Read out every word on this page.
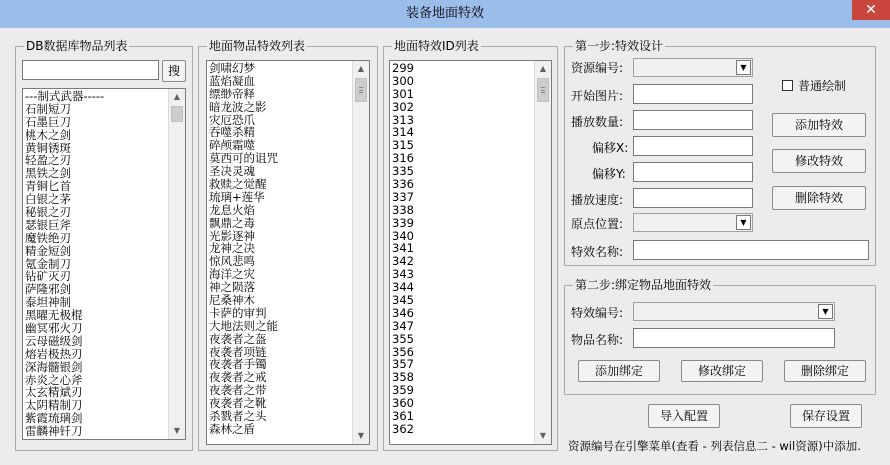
装备地面特效	✕
DB数据库物品列表
搜
---制式武器-----
石制短刀
石墨巨刀
桃木之剑
黄铜锈斑
轻盈之刃
黑铁之剑
青铜匕首
白银之茅
秘银之刃
瑟银巨斧
魔铁绝刃
精金短剑
氪金制刀
钻矿灭刃
萨隆邪剑
泰坦神制
黑曜无极棍
幽冥邪火刀
云母磁级剑
熔岩极热刃
深海髓银剑
赤炎之心斧
太玄精斌刃
太阴精制刀
紫霞琉璃剑
雷麟神钎刀
▲
▼
地面物品特效列表
剑啸幻梦
蓝焰凝血
缥缈帝释
暗龙波之影
灾厄恐爪
吞噬杀精
碎颅霜噬
莫西可的诅咒
圣决灵魂
救赎之觉醒
琉璃+莲华
龙息火焰
飘鼎之毒
光影逐神
龙神之决
惊风悲鸣
海洋之灾
神之陨落
尼桑神木
卡萨的审判
大地法则之能
夜袭者之盔
夜袭者项链
夜袭者手镯
夜袭者之戒
夜袭者之带
夜袭者之靴
杀戮者之头
森林之盾
▲
▼
地面特效ID列表
299
300
301
302
313
314
315
316
335
336
337
338
339
340
341
342
343
344
345
346
347
355
356
357
358
359
360
361
362
▲
▼
第一步:特效设计
资源编号:	▼
开始图片:
播放数量:
偏移X:
偏移Y:
播放速度:
原点位置:	▼
特效名称:
普通绘制
添加特效
修改特效
删除特效
第二步:绑定物品地面特效
特效编号:	▼
物品名称:
添加绑定	修改绑定	删除绑定
导入配置	保存设置
资源编号在引擎菜单(查看 - 列表信息二 - wil资源)中添加.
